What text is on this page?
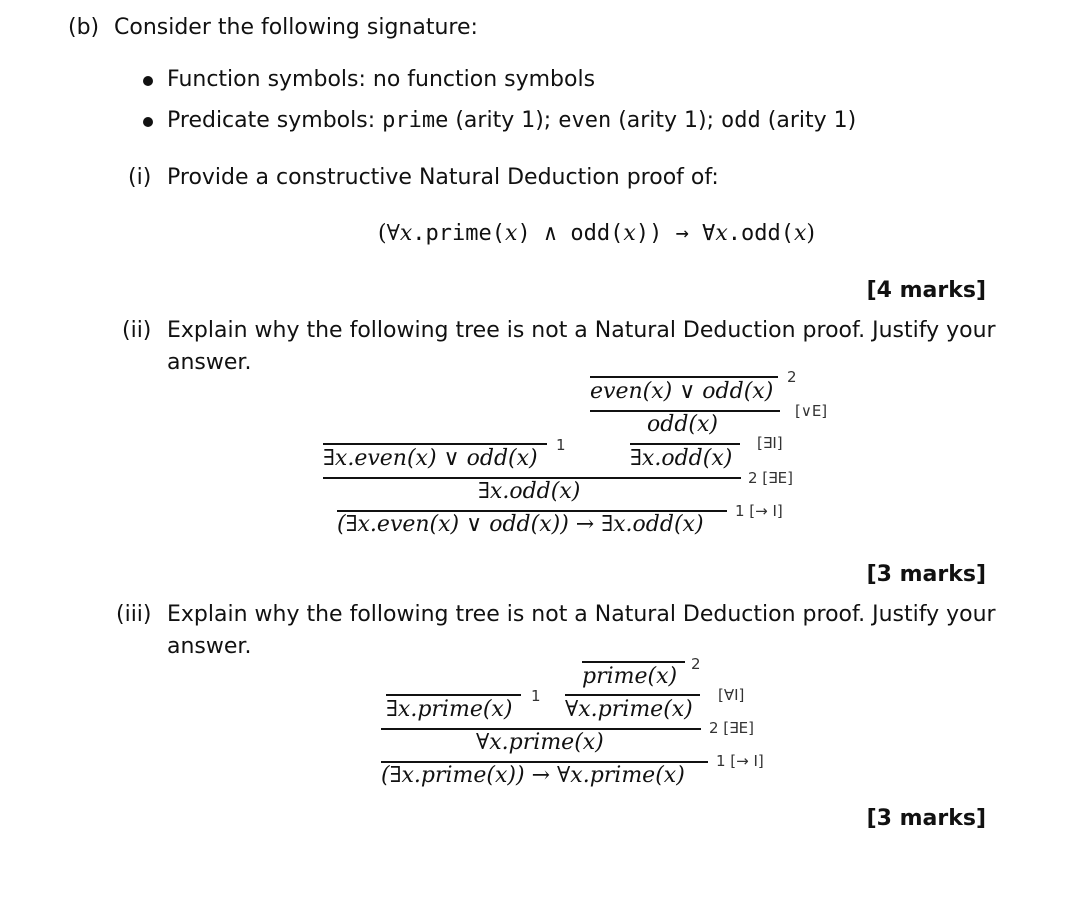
(b) Consider the following signature:
Function symbols: no function symbols
Predicate symbols: prime (arity 1); even (arity 1); odd (arity 1)
(i) Provide a constructive Natural Deduction proof of:
(∀x.prime(x) ∧ odd(x)) → ∀x.odd(x)
[4 marks]
(ii) Explain why the following tree is not a Natural Deduction proof. Justify your
answer.
2
even(x) ∨ odd(x)
[∨E]
odd(x)
[∃I]
∃x.odd(x)
1
∃x.even(x) ∨ odd(x)
2 [∃E]
∃x.odd(x)
1 [→ I]
(∃x.even(x) ∨ odd(x)) → ∃x.odd(x)
[3 marks]
(iii) Explain why the following tree is not a Natural Deduction proof. Justify your
answer.
2
prime(x)
[∀I]
∀x.prime(x)
1
∃x.prime(x)
2 [∃E]
∀x.prime(x)
1 [→ I]
(∃x.prime(x)) → ∀x.prime(x)
[3 marks]
